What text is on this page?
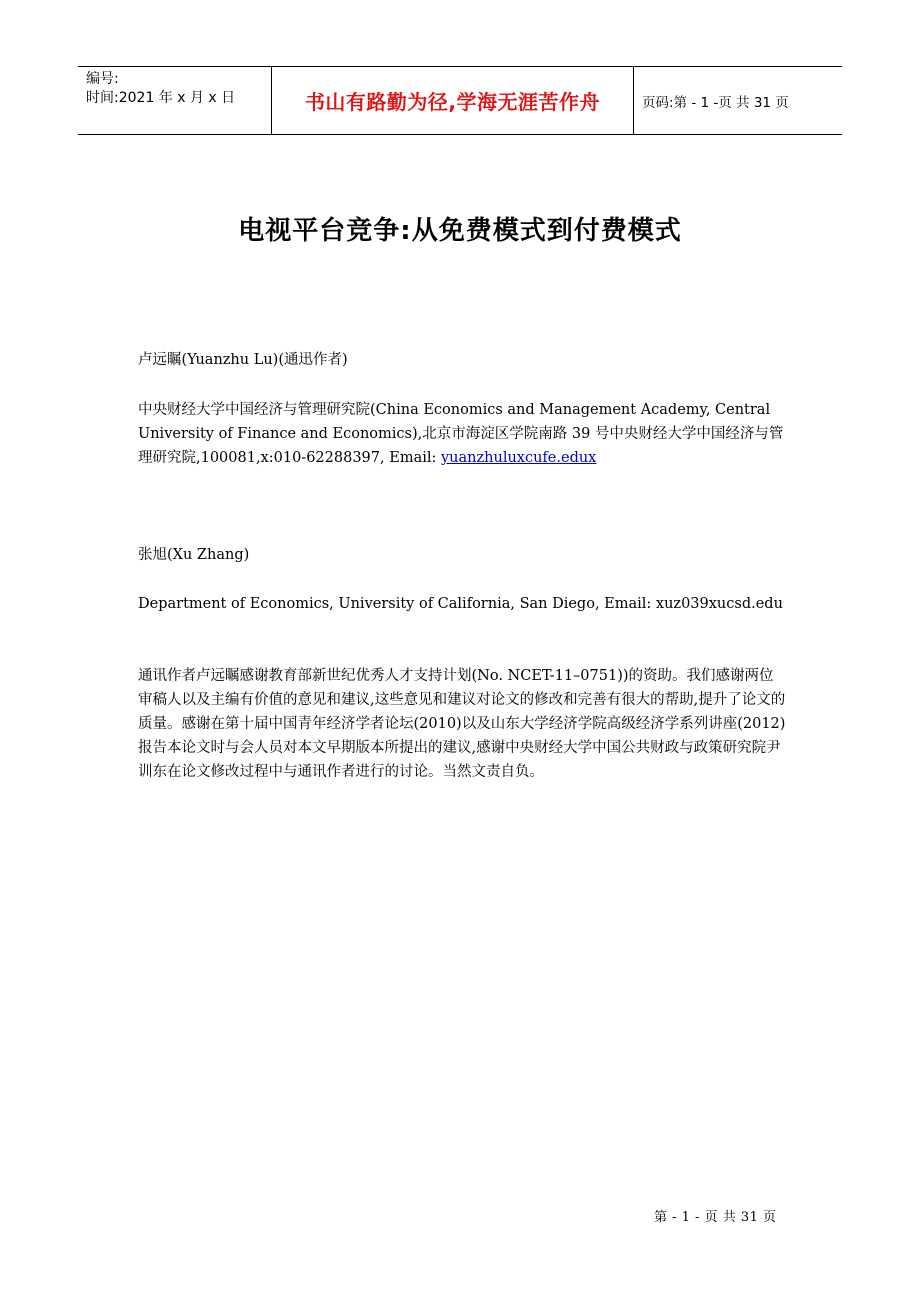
编号:
时间:2021 年 x 月 x 日	书山有路勤为径,学海无涯苦作舟	页码:第 - 1 -页 共 31 页
电视平台竞争:从免费模式到付费模式
卢远瞩(Yuanzhu Lu)(通迅作者)
中央财经大学中国经济与管理研究院(China Economics and Management Academy, Central University of Finance and Economics),北京市海淀区学院南路 39 号中央财经大学中国经济与管理研究院,100081,x:010-62288397, Email: yuanzhuluxcufe.edux
张旭(Xu Zhang)
Department of Economics, University of California, San Diego, Email: xuz039xucsd.edu
通讯作者卢远瞩感谢教育部新世纪优秀人才支持计划(No. NCET-11–0751))的资助。我们感谢两位审稿人以及主编有价值的意见和建议,这些意见和建议对论文的修改和完善有很大的帮助,提升了论文的质量。感谢在第十届中国青年经济学者论坛(2010)以及山东大学经济学院高级经济学系列讲座(2012)报告本论文时与会人员对本文早期版本所提出的建议,感谢中央财经大学中国公共财政与政策研究院尹训东在论文修改过程中与通讯作者进行的讨论。当然文责自负。
第 - 1 - 页 共 31 页
